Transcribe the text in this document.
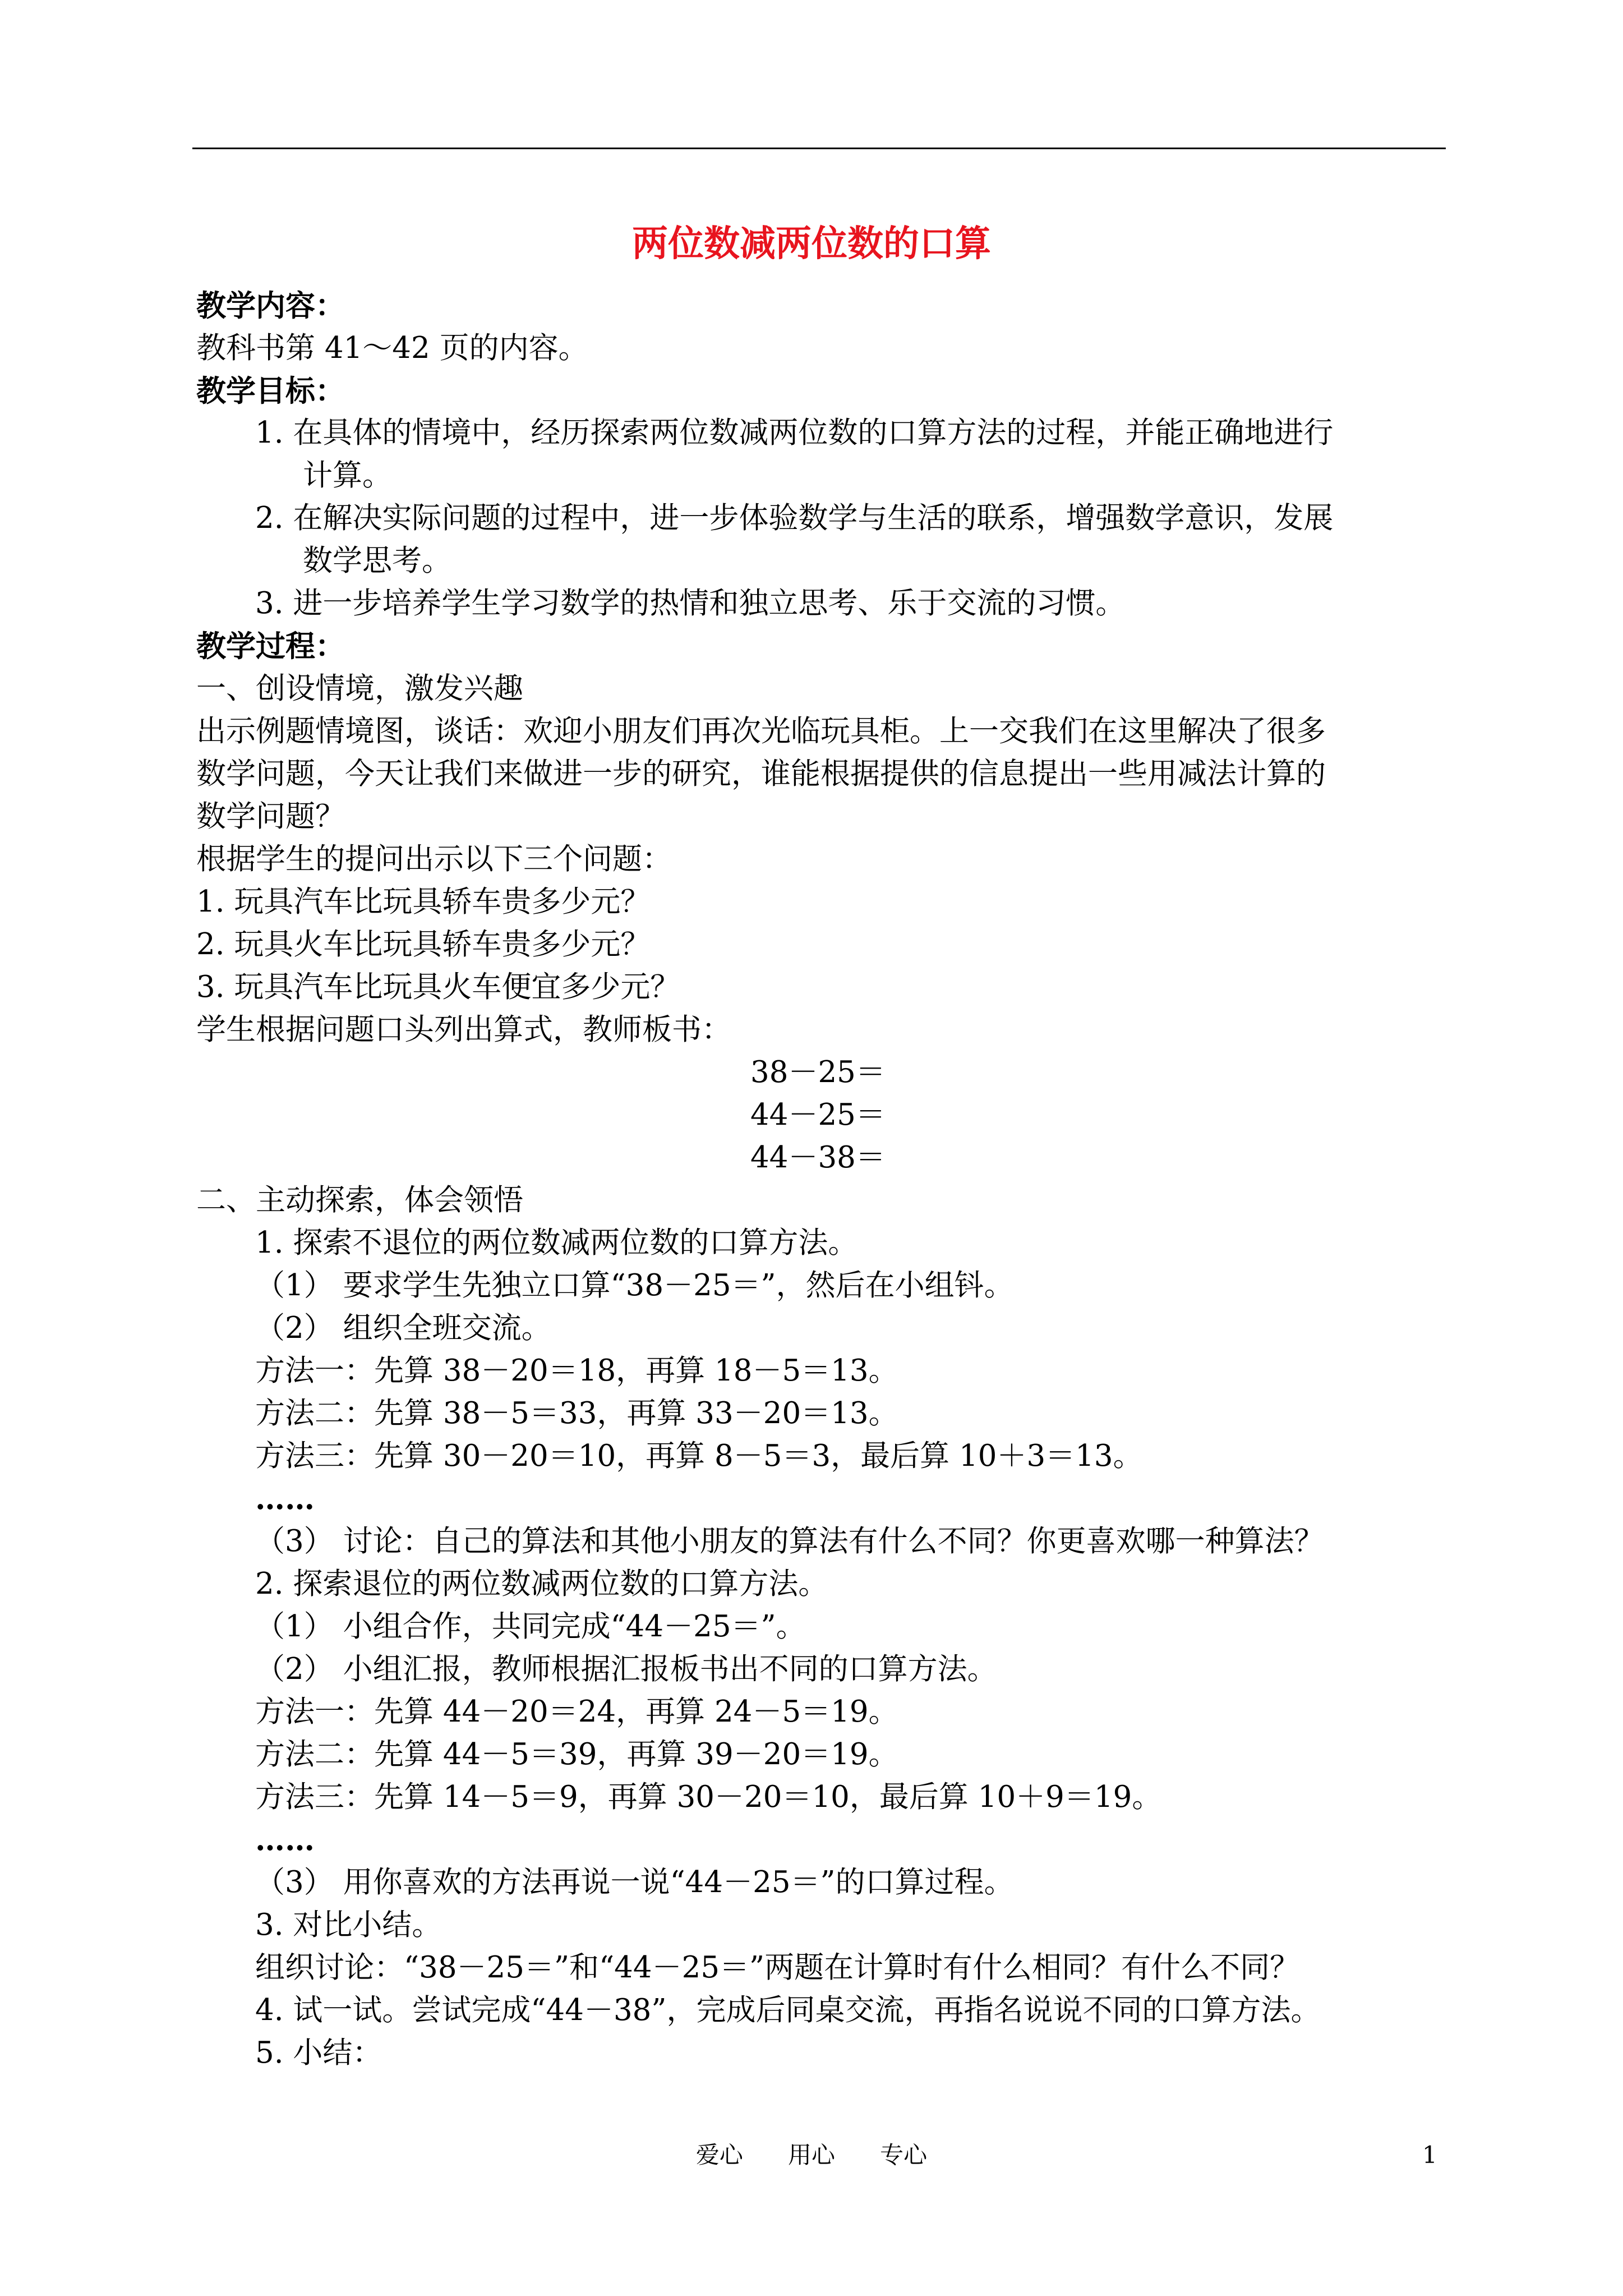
两位数减两位数的口算
教学内容：
教科书第 41～42 页的内容。
教学目标：
1. 在具体的情境中，经历探索两位数减两位数的口算方法的过程，并能正确地进行
计算。
2. 在解决实际问题的过程中，进一步体验数学与生活的联系，增强数学意识，发展
数学思考。
3. 进一步培养学生学习数学的热情和独立思考、乐于交流的习惯。
教学过程：
一、创设情境，激发兴趣
出示例题情境图，谈话：欢迎小朋友们再次光临玩具柜。上一交我们在这里解决了很多
数学问题，今天让我们来做进一步的研究，谁能根据提供的信息提出一些用减法计算的
数学问题？
根据学生的提问出示以下三个问题：
1. 玩具汽车比玩具轿车贵多少元？
2. 玩具火车比玩具轿车贵多少元？
3. 玩具汽车比玩具火车便宜多少元？
学生根据问题口头列出算式，教师板书：
38－25＝
44－25＝
44－38＝
二、主动探索，体会领悟
1. 探索不退位的两位数减两位数的口算方法。
（1） 要求学生先独立口算“38－25＝”，然后在小组钭。
（2） 组织全班交流。
方法一：先算 38－20＝18，再算 18－5＝13。
方法二：先算 38－5＝33，再算 33－20＝13。
方法三：先算 30－20＝10，再算 8－5＝3，最后算 10＋3＝13。
……
（3） 讨论：自己的算法和其他小朋友的算法有什么不同？你更喜欢哪一种算法？
2. 探索退位的两位数减两位数的口算方法。
（1） 小组合作，共同完成“44－25＝”。
（2） 小组汇报，教师根据汇报板书出不同的口算方法。
方法一：先算 44－20＝24，再算 24－5＝19。
方法二：先算 44－5＝39，再算 39－20＝19。
方法三：先算 14－5＝9，再算 30－20＝10，最后算 10＋9＝19。
……
（3） 用你喜欢的方法再说一说“44－25＝”的口算过程。
3. 对比小结。
组织讨论：“38－25＝”和“44－25＝”两题在计算时有什么相同？有什么不同？
4. 试一试。尝试完成“44－38”，完成后同桌交流，再指名说说不同的口算方法。
5. 小结：
爱心      用心      专心	1
